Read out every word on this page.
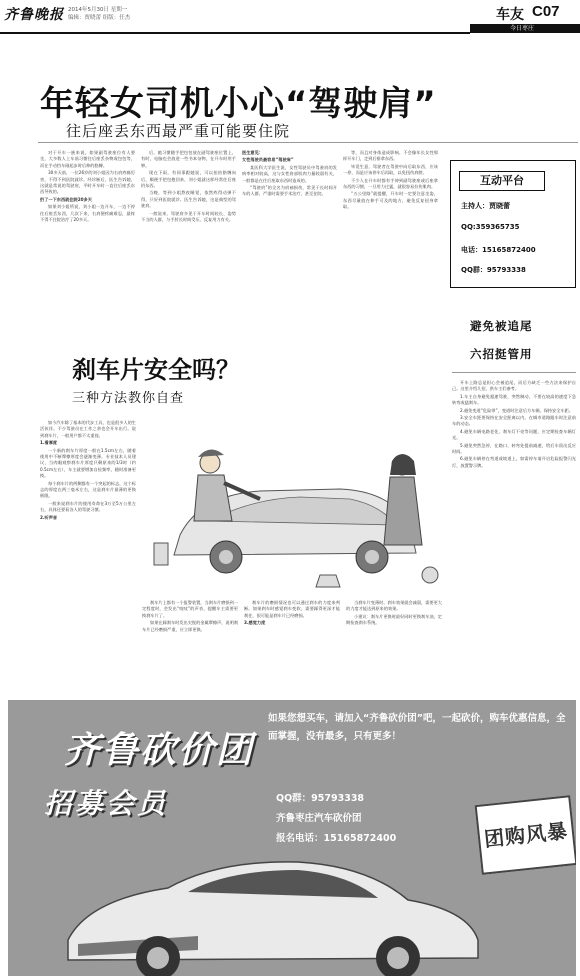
齐鲁晚报 2014年5月30日 星期一
编辑：贾晓蕾 组版：任杰	车友 C07
今日枣庄
年轻女司机小心“驾驶肩”
往后座丢东西最严重可能要住院

对于开车一族来说，如果副驾驶座位有人要坐，大多数人上车前习惯往后座丢杂物或包包等，而在手动挡车刚起步时后伸的胳膊。

30多天前，一位26岁的刘小姐因为右肩疼痛厉害，不得不到医院就诊。经诊断后，医生告诉她，这就是常说的驾驶肩，平时开车时一直往后座丢东西导致的。

扔了一下东西就住院20多天

如果刘小姐所说，刘小姐一边开车，一边不停往后座丢东西，几次下来，右肩便疼痛难忍，最终不得不住院治疗了20多天。

后，她习惯随手把包包放在副驾驶座位置上，有时，电脑也会放进一些书本杂物，在开车时用手够。

现在下雨，有同事跟她说，可以抬抬胳膊向后，顺便手把包抱回来，刘小姐就这样经常往后座扔东西。

当晚，等到小姐熬夜睡觉，依然疼得动弹不得，只好到医院就诊。医生告诉她，这是典型的驾驶肩。

一般说来，驾驶肩多见于开车时间较长、姿势不当的人群，与手肘长时间受压、反复用力有关。

医生意见：

女性驾驶员最容易“驾驶肩”

某医科大学医生说，女性驾驶员中驾驶肩的发病率相对较高，这与女性肩部肌肉力量较弱有关，一般都是在往后座取东西时造成的。

“驾驶肩”的全名为肩袖损伤，常见于长时间开车的人群，严重时需要手术治疗，甚至住院。

等，而且对身体造成影响。不会像年长女性那样开车门，走到后排拿东西。

毕竟生意，驾驶者在驾驶中向后取东西，应该一停，而是应该停车后再取，以免扭伤肩膀。

不少人在开车时都有手伸到副驾驶座或后座拿东西的习惯，一旦用力过猛，就很容易拉伤肌肉。

“五公里路”就提醒，开车时一定要注意坐姿，东西尽量放在伸手可及的地方，避免反复扭身拿取。

互动平台
主持人：贾晓蕾
QQ:359365735
电话：15165872400
QQ群：95793338
避免被追尾
六招挺管用

开车上路总是担心会被追尾，而后方缺乏一些方法来保护自己。这里介绍几招，供车主们参考。

1.车主自身避免超速驾驶，突然制动，不要在较高的速度下急转弯或猛刹车。

2.避免变道“危险带”，变道时注意后方车辆，保持安全车距。

3.安全车距要保持在安全距离以内，在城市道路跟车时注意前车的动态。

4.避免车辆电路老化、刹车灯不亮等问题，应定期检查车辆灯光。

5.避免突然急停，在路口、转弯处提前减速，给后车留出反应时间。

6.避免车辆停在弯道或坡道上，如需停车请开启危险报警闪光灯，放置警示牌。

刹车片安全吗？
三种方法教你自查

如今汽车除了基本的代步工具，也是很多人的生活伙伴。不少驾驶员在工作之余也会开车出行。说到刹车片，一般用户都不太重视。

1.看厚度

一个新的刹车片厚度一般在1.5cm左右，随着使用中不断摩擦厚度会逐渐变薄。专业技术人员建议，当肉眼观察刹车片厚度只剩原来的1/3时（约0.5cm左右），车主就要增加自检频率，随时准备更换。

每个刹车片的两侧都有一个突起的标志，这个标志的厚度在两三毫米左右，这是刹车片最薄的更换极限。

一般来说刹车片的使用寿命在3万至5万公里左右，具体还要看各人的驾驶习惯。

2.听声音

刹车片上都有一个报警装置，当刹车片磨损到一定程度时，会发出“吱吱”的声音，提醒车主需要更换刹车片了。

如果在踩刹车时发出尖锐的金属摩擦声，说明刹车片已经磨损严重，应立即更换。

刹车片的磨损情况也可以通过刹车的力度来判断。如果刹车时感觉刹车变软，需要踩得更深才能刹住，很可能是刹车片已经磨损。

3.感觉力度

当刹车片变薄时，刹车效果就会减弱，需要更大的力度才能达到原来的效果。

小建议：刹车片更换时最好同时更换刹车油，定期检查刹车系统。

如果您想买车，请加入“齐鲁砍价团”吧，一起砍价，购车优惠信息，全面掌握，没有最多，只有更多！
齐鲁砍价团
招募会员	QQ群：95793338
齐鲁枣庄汽车砍价团
报名电话：15165872400	团购风暴
